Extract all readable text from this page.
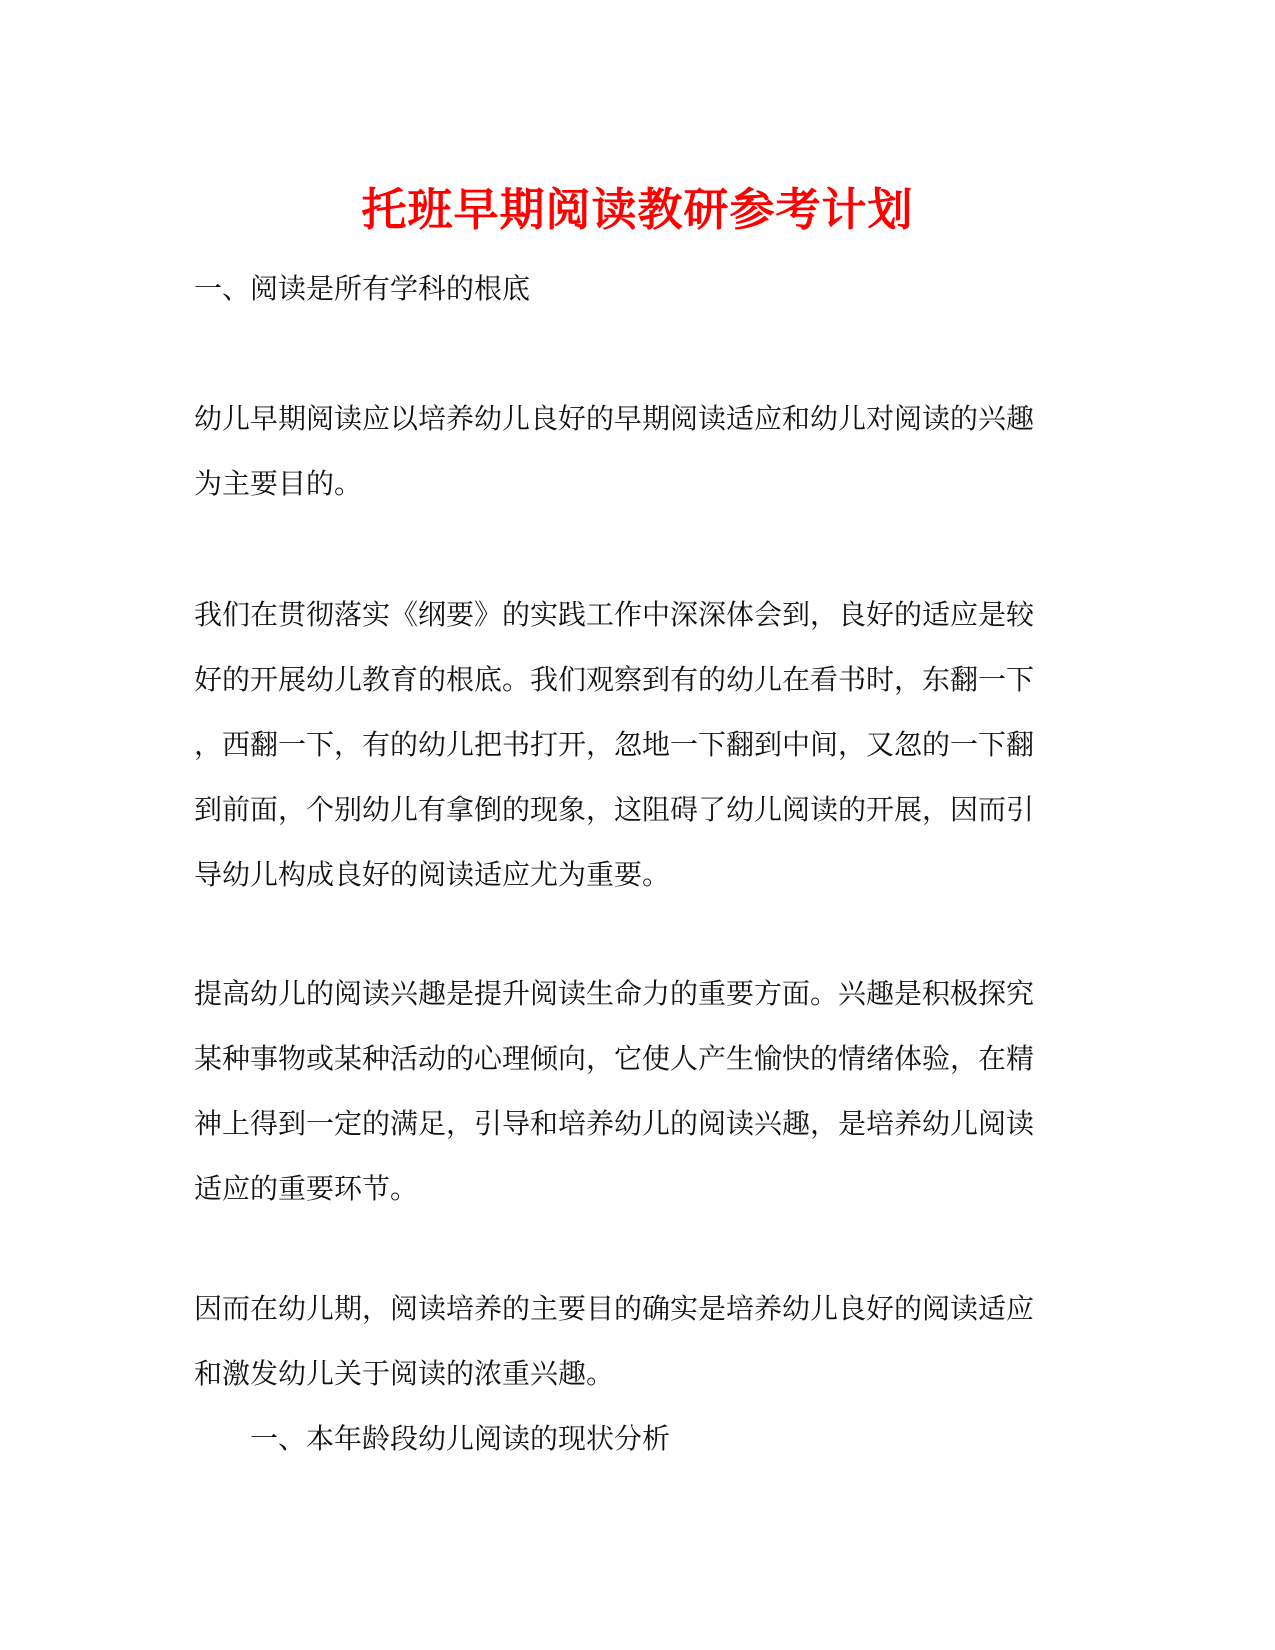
托班早期阅读教研参考计划

一、阅读是所有学科的根底

幼儿早期阅读应以培养幼儿良好的早期阅读适应和幼儿对阅读的兴趣
为主要目的。

我们在贯彻落实《纲要》的实践工作中深深体会到，良好的适应是较
好的开展幼儿教育的根底。我们观察到有的幼儿在看书时，东翻一下
，西翻一下，有的幼儿把书打开，忽地一下翻到中间，又忽的一下翻
到前面，个别幼儿有拿倒的现象，这阻碍了幼儿阅读的开展，因而引
导幼儿构成良好的阅读适应尤为重要。

提高幼儿的阅读兴趣是提升阅读生命力的重要方面。兴趣是积极探究
某种事物或某种活动的心理倾向，它使人产生愉快的情绪体验，在精
神上得到一定的满足，引导和培养幼儿的阅读兴趣，是培养幼儿阅读
适应的重要环节。

因而在幼儿期，阅读培养的主要目的确实是培养幼儿良好的阅读适应
和激发幼儿关于阅读的浓重兴趣。

一、本年龄段幼儿阅读的现状分析
